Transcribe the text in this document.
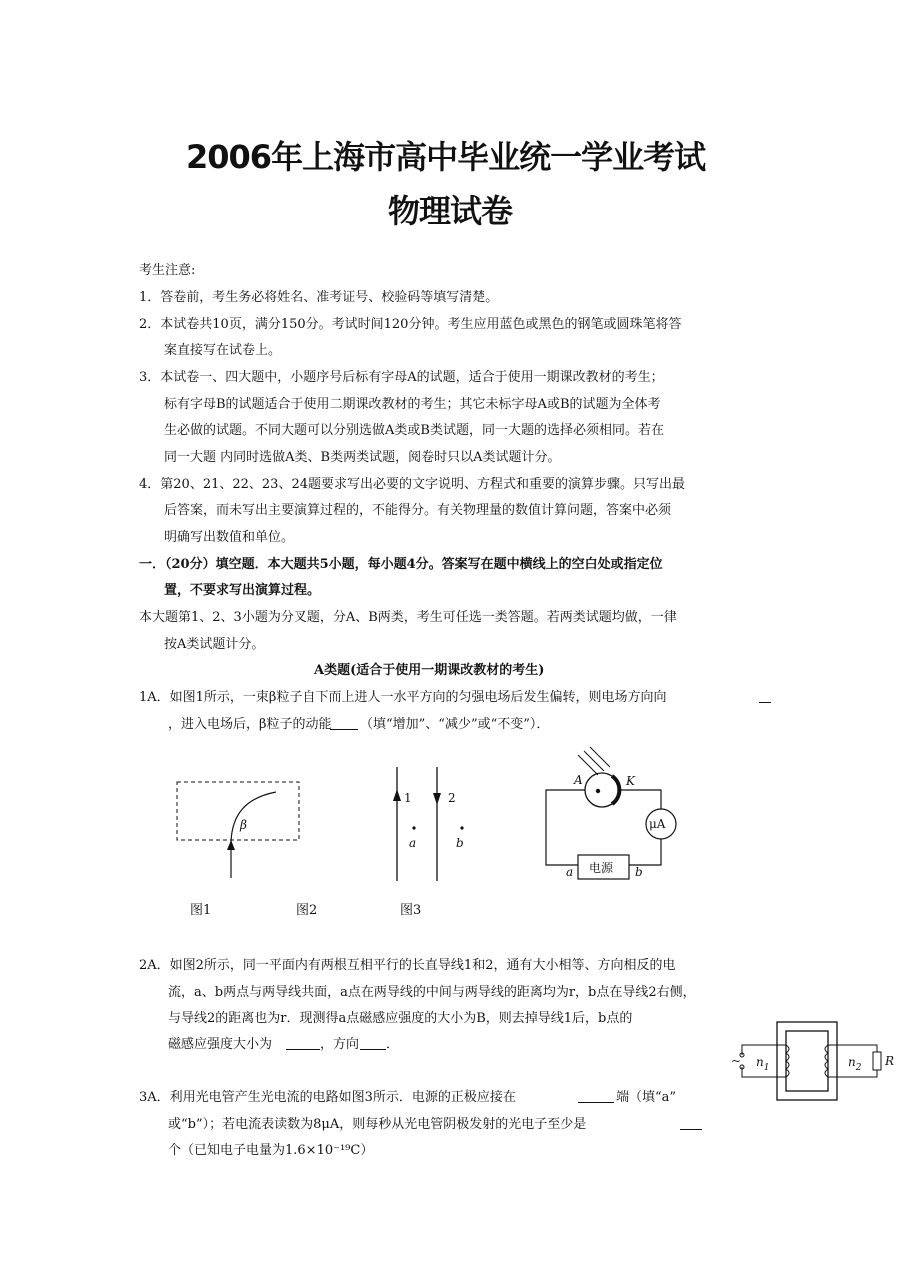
2006年上海市高中毕业统一学业考试
物理试卷
考生注意:
1．答卷前，考生务必将姓名、准考证号、校验码等填写清楚。
2．本试卷共10页，满分150分。考试时间120分钟。考生应用蓝色或黑色的钢笔或圆珠笔将答
案直接写在试卷上。
3．本试卷一、四大题中，小题序号后标有字母A的试题，适合于使用一期课改教材的考生；
标有字母B的试题适合于使用二期课改教材的考生；其它未标字母A或B的试题为全体考
生必做的试题。不同大题可以分别选做A类或B类试题，同一大题的选择必须相同。若在
同一大题 内同时选做A类、B类两类试题，阅卷时只以A类试题计分。
4．第20、21、22、23、24题要求写出必要的文字说明、方程式和重要的演算步骤。只写出最
后答案，而未写出主要演算过程的，不能得分。有关物理量的数值计算问题，答案中必须
明确写出数值和单位。
一．（20分）填空题．本大题共5小题，每小题4分。答案写在题中横线上的空白处或指定位
置，不要求写出演算过程。
本大题第1、2、3小题为分叉题，分A、B两类，考生可任选一类答题。若两类试题均做，一律
按A类试题计分。
A类题(适合于使用一期课改教材的考生)
1A．如图1所示，一束β粒子自下而上进人一水平方向的匀强电场后发生偏转，则电场方向向
，进入电场后，β粒子的动能 （填“增加”、“减少”或“不变”）．
β
图1
1	2
a	b
图2	图3
A	K
μA
电源
a	b
2A．如图2所示，同一平面内有两根互相平行的长直导线1和2，通有大小相等、方向相反的电
流，a、b两点与两导线共面，a点在两导线的中间与两导线的距离均为r，b点在导线2右侧，
与导线2的距离也为r．现测得a点磁感应强度的大小为B，则去掉导线1后，b点的
磁感应强度大小为	，方向 ．
~ $n_1$	$n_2$ R
3A．利用光电管产生光电流的电路如图3所示．电源的正极应接在	端（填“a”
或“b”）；若电流表读数为8μA，则每秒从光电管阴极发射的光电子至少是
个（已知电子电量为1.6×10⁻¹⁹C）
